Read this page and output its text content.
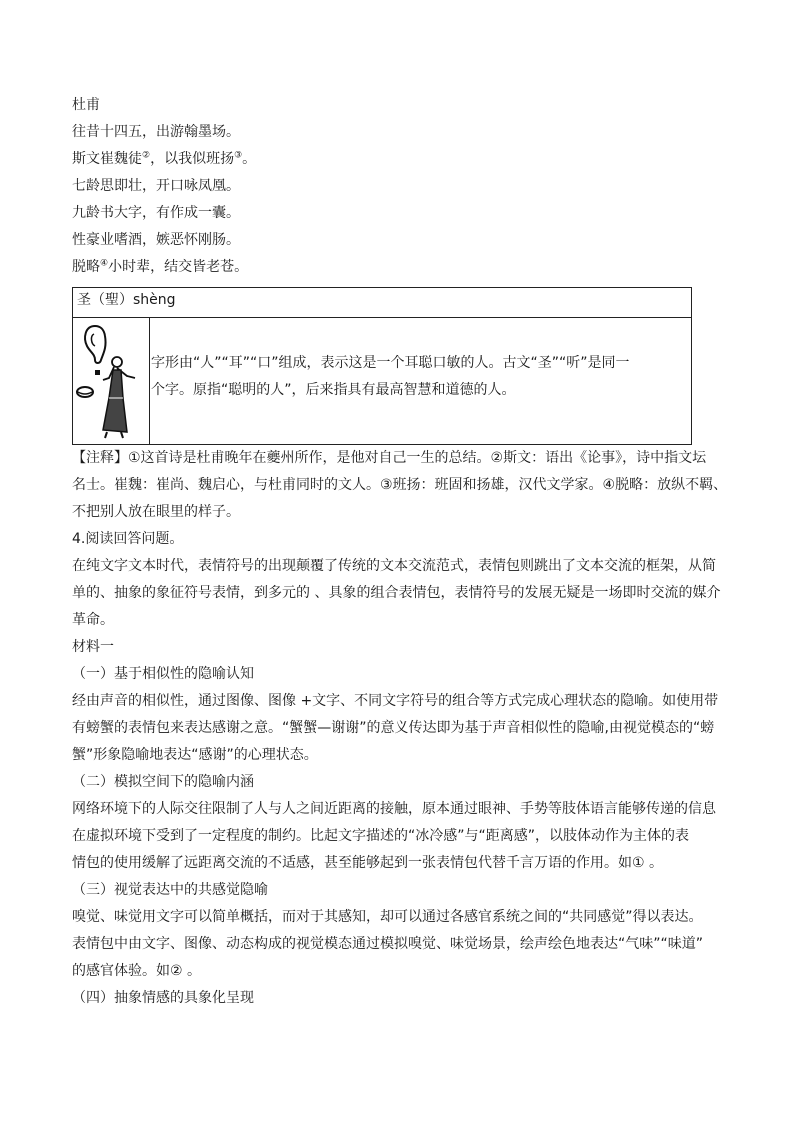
杜甫
往昔十四五，出游翰墨场。
斯文崔魏徒②，以我似班扬③。
七龄思即壮，开口咏凤凰。
九龄书大字，有作成一囊。
性豪业嗜酒，嫉恶怀刚肠。
脱略④小时辈，结交皆老苍。
圣（聖）shèng
字形由“人”“耳”“口”组成，表示这是一个耳聪口敏的人。古文“圣”“听”是同一
个字。原指“聪明的人”，后来指具有最高智慧和道德的人。
【注释】①这首诗是杜甫晚年在夔州所作，是他对自己一生的总结。②斯文：语出《论事》，诗中指文坛
名士。崔魏：崔尚、魏启心，与杜甫同时的文人。③班扬：班固和扬雄，汉代文学家。④脱略：放纵不羁、
不把别人放在眼里的样子。
4.阅读回答问题。
在纯文字文本时代，表情符号的出现颠覆了传统的文本交流范式，表情包则跳出了文本交流的框架，从简
单的、抽象的象征符号表情，到多元的 、具象的组合表情包，表情符号的发展无疑是一场即时交流的媒介
革命。
材料一
（一）基于相似性的隐喻认知
经由声音的相似性，通过图像、图像 +文字、不同文字符号的组合等方式完成心理状态的隐喻。如使用带
有螃蟹的表情包来表达感谢之意。“蟹蟹—谢谢”的意义传达即为基于声音相似性的隐喻,由视觉模态的“螃
蟹”形象隐喻地表达“感谢”的心理状态。
（二）模拟空间下的隐喻内涵
网络环境下的人际交往限制了人与人之间近距离的接触，原本通过眼神、手势等肢体语言能够传递的信息
在虚拟环境下受到了一定程度的制约。比起文字描述的“冰冷感”与“距离感”，以肢体动作为主体的表
情包的使用缓解了远距离交流的不适感，甚至能够起到一张表情包代替千言万语的作用。如① 。
（三）视觉表达中的共感觉隐喻
嗅觉、味觉用文字可以简单概括，而对于其感知，却可以通过各感官系统之间的“共同感觉”得以表达。
表情包中由文字、图像、动态构成的视觉模态通过模拟嗅觉、味觉场景，绘声绘色地表达“气味”“味道”
的感官体验。如② 。
（四）抽象情感的具象化呈现
